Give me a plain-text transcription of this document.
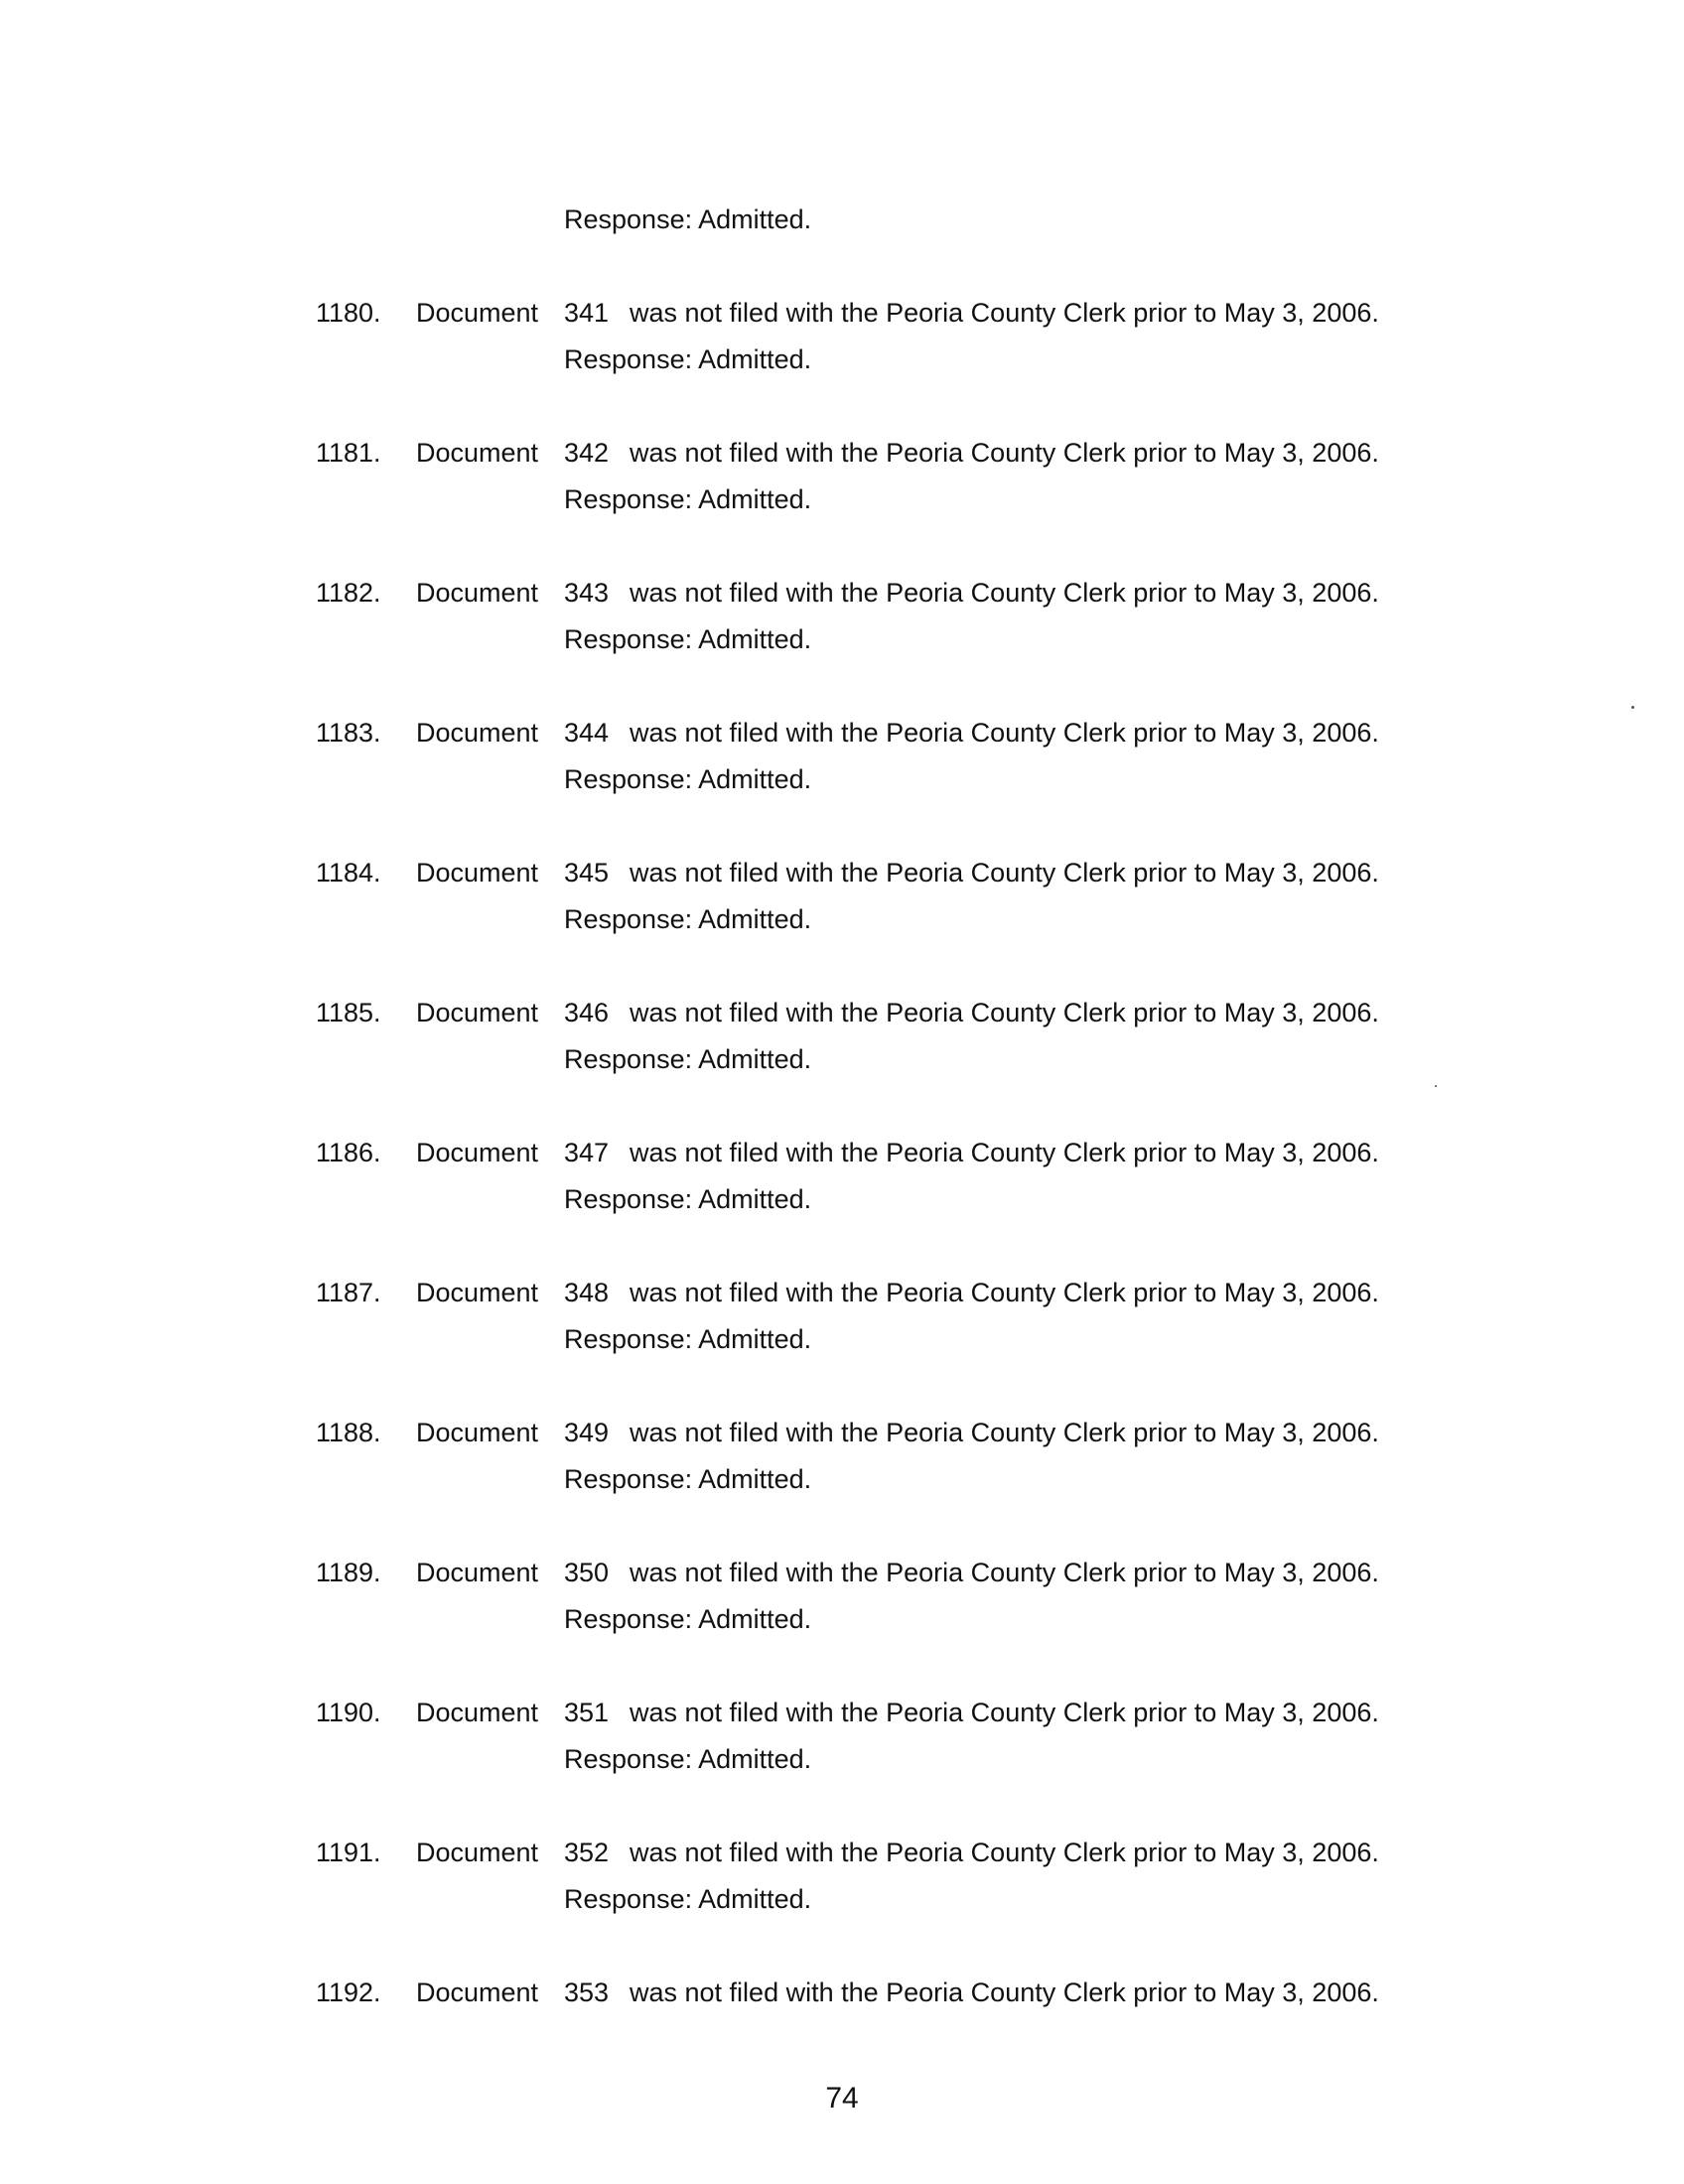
Response: Admitted.
1180. Document 341 was not filed with the Peoria County Clerk prior to May 3, 2006.
Response: Admitted.
1181. Document 342 was not filed with the Peoria County Clerk prior to May 3, 2006.
Response: Admitted.
1182. Document 343 was not filed with the Peoria County Clerk prior to May 3, 2006.
Response: Admitted.
1183. Document 344 was not filed with the Peoria County Clerk prior to May 3, 2006.
Response: Admitted.
1184. Document 345 was not filed with the Peoria County Clerk prior to May 3, 2006.
Response: Admitted.
1185. Document 346 was not filed with the Peoria County Clerk prior to May 3, 2006.
Response: Admitted.
1186. Document 347 was not filed with the Peoria County Clerk prior to May 3, 2006.
Response: Admitted.
1187. Document 348 was not filed with the Peoria County Clerk prior to May 3, 2006.
Response: Admitted.
1188. Document 349 was not filed with the Peoria County Clerk prior to May 3, 2006.
Response: Admitted.
1189. Document 350 was not filed with the Peoria County Clerk prior to May 3, 2006.
Response: Admitted.
1190. Document 351 was not filed with the Peoria County Clerk prior to May 3, 2006.
Response: Admitted.
1191. Document 352 was not filed with the Peoria County Clerk prior to May 3, 2006.
Response: Admitted.
1192. Document 353 was not filed with the Peoria County Clerk prior to May 3, 2006.
74
